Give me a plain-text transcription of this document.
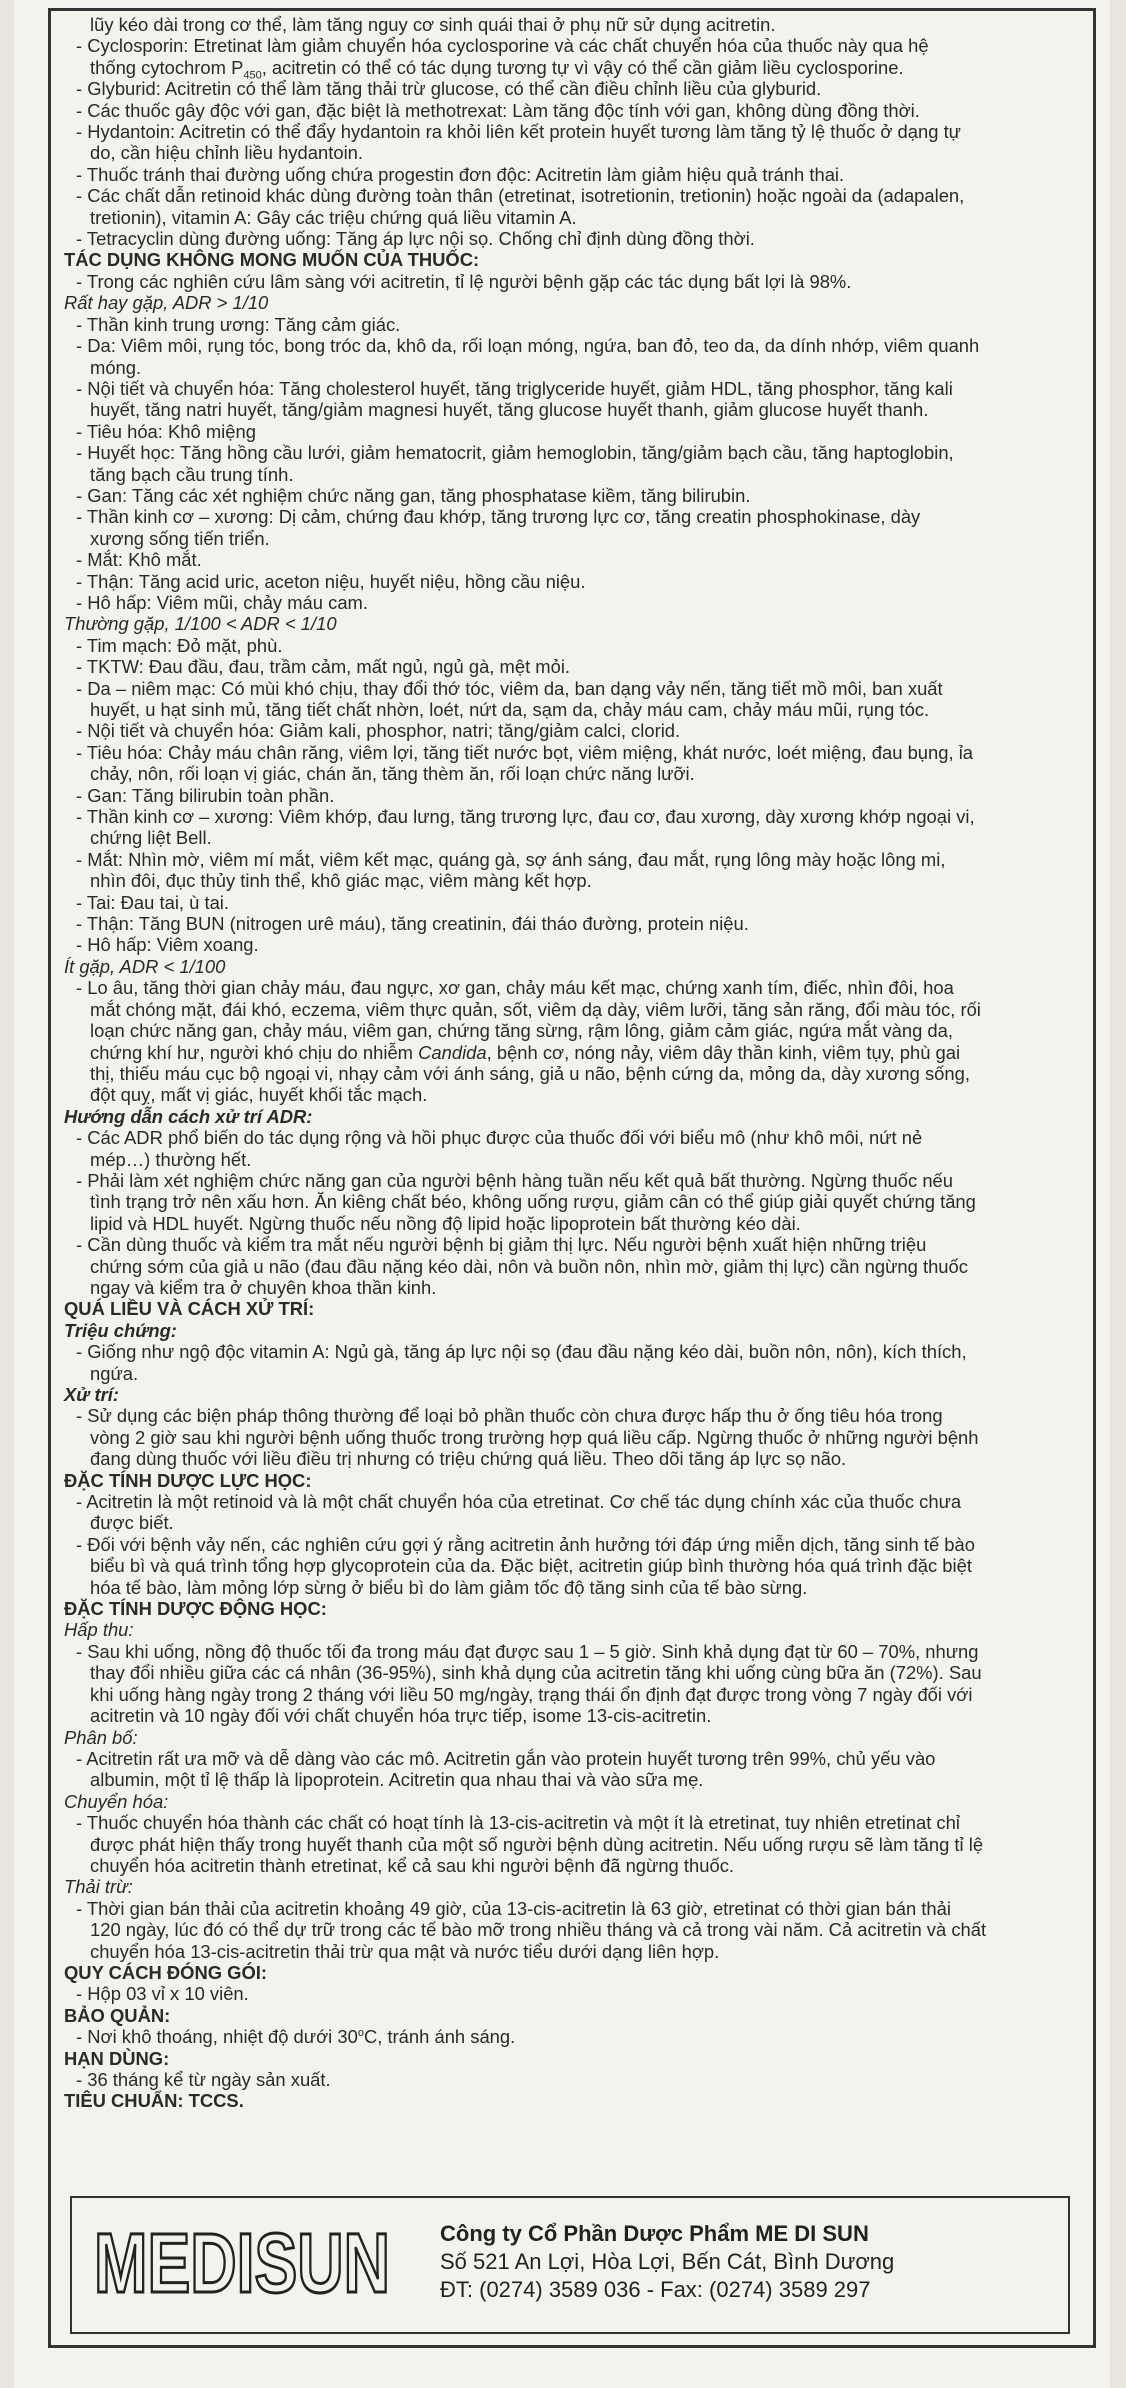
lũy kéo dài trong cơ thể, làm tăng nguy cơ sinh quái thai ở phụ nữ sử dụng acitretin.
- Cyclosporin: Etretinat làm giảm chuyển hóa cyclosporine và các chất chuyển hóa của thuốc này qua hệ
thống cytochrom $P_{450}$, acitretin có thể có tác dụng tương tự vì vậy có thể cần giảm liều cyclosporine.
- Glyburid: Acitretin có thể làm tăng thải trừ glucose, có thể cần điều chỉnh liều của glyburid.
- Các thuốc gây độc với gan, đặc biệt là methotrexat: Làm tăng độc tính với gan, không dùng đồng thời.
- Hydantoin: Acitretin có thể đẩy hydantoin ra khỏi liên kết protein huyết tương làm tăng tỷ lệ thuốc ở dạng tự
do, cần hiệu chỉnh liều hydantoin.
- Thuốc tránh thai đường uống chứa progestin đơn độc: Acitretin làm giảm hiệu quả tránh thai.
- Các chất dẫn retinoid khác dùng đường toàn thân (etretinat, isotretionin, tretionin) hoặc ngoài da (adapalen,
tretionin), vitamin A: Gây các triệu chứng quá liều vitamin A.
- Tetracyclin dùng đường uống: Tăng áp lực nội sọ. Chống chỉ định dùng đồng thời.
TÁC DỤNG KHÔNG MONG MUỐN CỦA THUỐC:
- Trong các nghiên cứu lâm sàng với acitretin, tỉ lệ người bệnh gặp các tác dụng bất lợi là 98%.
Rất hay gặp, ADR > 1/10
- Thần kinh trung ương: Tăng cảm giác.
- Da: Viêm môi, rụng tóc, bong tróc da, khô da, rối loạn móng, ngứa, ban đỏ, teo da, da dính nhớp, viêm quanh
móng.
- Nội tiết và chuyển hóa: Tăng cholesterol huyết, tăng triglyceride huyết, giảm HDL, tăng phosphor, tăng kali
huyết, tăng natri huyết, tăng/giảm magnesi huyết, tăng glucose huyết thanh, giảm glucose huyết thanh.
- Tiêu hóa: Khô miệng
- Huyết học: Tăng hồng cầu lưới, giảm hematocrit, giảm hemoglobin, tăng/giảm bạch cầu, tăng haptoglobin,
tăng bạch cầu trung tính.
- Gan: Tăng các xét nghiệm chức năng gan, tăng phosphatase kiềm, tăng bilirubin.
- Thần kinh cơ – xương: Dị cảm, chứng đau khớp, tăng trương lực cơ, tăng creatin phosphokinase, dày
xương sống tiến triển.
- Mắt: Khô mắt.
- Thận: Tăng acid uric, aceton niệu, huyết niệu, hồng cầu niệu.
- Hô hấp: Viêm mũi, chảy máu cam.
Thường gặp, 1/100 < ADR < 1/10
- Tim mạch: Đỏ mặt, phù.
- TKTW: Đau đầu, đau, trầm cảm, mất ngủ, ngủ gà, mệt mỏi.
- Da – niêm mạc: Có mùi khó chịu, thay đổi thớ tóc, viêm da, ban dạng vảy nến, tăng tiết mồ môi, ban xuất
huyết, u hạt sinh mủ, tăng tiết chất nhờn, loét, nứt da, sạm da, chảy máu cam, chảy máu mũi, rụng tóc.
- Nội tiết và chuyển hóa: Giảm kali, phosphor, natri; tăng/giảm calci, clorid.
- Tiêu hóa: Chảy máu chân răng, viêm lợi, tăng tiết nước bọt, viêm miệng, khát nước, loét miệng, đau bụng, ỉa
chảy, nôn, rối loạn vị giác, chán ăn, tăng thèm ăn, rối loạn chức năng lưỡi.
- Gan: Tăng bilirubin toàn phần.
- Thần kinh cơ – xương: Viêm khớp, đau lưng, tăng trương lực, đau cơ, đau xương, dày xương khớp ngoại vi,
chứng liệt Bell.
- Mắt: Nhìn mờ, viêm mí mắt, viêm kết mạc, quáng gà, sợ ánh sáng, đau mắt, rụng lông mày hoặc lông mi,
nhìn đôi, đục thủy tinh thể, khô giác mạc, viêm màng kết hợp.
- Tai: Đau tai, ù tai.
- Thận: Tăng BUN (nitrogen urê máu), tăng creatinin, đái tháo đường, protein niệu.
- Hô hấp: Viêm xoang.
Ít gặp, ADR < 1/100
- Lo âu, tăng thời gian chảy máu, đau ngực, xơ gan, chảy máu kết mạc, chứng xanh tím, điếc, nhìn đôi, hoa
mắt chóng mặt, đái khó, eczema, viêm thực quản, sốt, viêm dạ dày, viêm lưỡi, tăng sản răng, đổi màu tóc, rối
loạn chức năng gan, chảy máu, viêm gan, chứng tăng sừng, rậm lông, giảm cảm giác, ngứa mắt vàng da,
chứng khí hư, người khó chịu do nhiễm Candida, bệnh cơ, nóng nảy, viêm dây thần kinh, viêm tụy, phù gai
thị, thiếu máu cục bộ ngoại vi, nhạy cảm với ánh sáng, giả u não, bệnh cứng da, mỏng da, dày xương sống,
đột quỵ, mất vị giác, huyết khối tắc mạch.
Hướng dẫn cách xử trí ADR:
- Các ADR phổ biến do tác dụng rộng và hồi phục được của thuốc đối với biểu mô (như khô môi, nứt nẻ
mép…) thường hết.
- Phải làm xét nghiệm chức năng gan của người bệnh hàng tuần nếu kết quả bất thường. Ngừng thuốc nếu
tình trạng trở nên xấu hơn. Ăn kiêng chất béo, không uống rượu, giảm cân có thể giúp giải quyết chứng tăng
lipid và HDL huyết. Ngừng thuốc nếu nồng độ lipid hoặc lipoprotein bất thường kéo dài.
- Cần dùng thuốc và kiểm tra mắt nếu người bệnh bị giảm thị lực. Nếu người bệnh xuất hiện những triệu
chứng sớm của giả u não (đau đầu nặng kéo dài, nôn và buồn nôn, nhìn mờ, giảm thị lực) cần ngừng thuốc
ngay và kiểm tra ở chuyên khoa thần kinh.
QUÁ LIỀU VÀ CÁCH XỬ TRÍ:
Triệu chứng:
- Giống như ngộ độc vitamin A: Ngủ gà, tăng áp lực nội sọ (đau đầu nặng kéo dài, buồn nôn, nôn), kích thích,
ngứa.
Xử trí:
- Sử dụng các biện pháp thông thường để loại bỏ phần thuốc còn chưa được hấp thu ở ống tiêu hóa trong
vòng 2 giờ sau khi người bệnh uống thuốc trong trường hợp quá liều cấp. Ngừng thuốc ở những người bệnh
đang dùng thuốc với liều điều trị nhưng có triệu chứng quá liều. Theo dõi tăng áp lực sọ não.
ĐẶC TÍNH DƯỢC LỰC HỌC:
- Acitretin là một retinoid và là một chất chuyển hóa của etretinat. Cơ chế tác dụng chính xác của thuốc chưa
được biết.
- Đối với bệnh vảy nến, các nghiên cứu gợi ý rằng acitretin ảnh hưởng tới đáp ứng miễn dịch, tăng sinh tế bào
biểu bì và quá trình tổng hợp glycoprotein của da. Đặc biệt, acitretin giúp bình thường hóa quá trình đặc biệt
hóa tế bào, làm mỏng lớp sừng ở biểu bì do làm giảm tốc độ tăng sinh của tế bào sừng.
ĐẶC TÍNH DƯỢC ĐỘNG HỌC:
Hấp thu:
- Sau khi uống, nồng độ thuốc tối đa trong máu đạt được sau 1 – 5 giờ. Sinh khả dụng đạt từ 60 – 70%, nhưng
thay đổi nhiều giữa các cá nhân (36-95%), sinh khả dụng của acitretin tăng khi uống cùng bữa ăn (72%). Sau
khi uống hàng ngày trong 2 tháng với liều 50 mg/ngày, trạng thái ổn định đạt được trong vòng 7 ngày đối với
acitretin và 10 ngày đối với chất chuyển hóa trực tiếp, isome 13-cis-acitretin.
Phân bố:
- Acitretin rất ưa mỡ và dễ dàng vào các mô. Acitretin gắn vào protein huyết tương trên 99%, chủ yếu vào
albumin, một tỉ lệ thấp là lipoprotein. Acitretin qua nhau thai và vào sữa mẹ.
Chuyển hóa:
- Thuốc chuyển hóa thành các chất có hoạt tính là 13-cis-acitretin và một ít là etretinat, tuy nhiên etretinat chỉ
được phát hiện thấy trong huyết thanh của một số người bệnh dùng acitretin. Nếu uống rượu sẽ làm tăng tỉ lệ
chuyển hóa acitretin thành etretinat, kể cả sau khi người bệnh đã ngừng thuốc.
Thải trừ:
- Thời gian bán thải của acitretin khoảng 49 giờ, của 13-cis-acitretin là 63 giờ, etretinat có thời gian bán thải
120 ngày, lúc đó có thể dự trữ trong các tế bào mỡ trong nhiều tháng và cả trong vài năm. Cả acitretin và chất
chuyển hóa 13-cis-acitretin thải trừ qua mật và nước tiểu dưới dạng liên hợp.
QUY CÁCH ĐÓNG GÓI:
- Hộp 03 vỉ x 10 viên.
BẢO QUẢN:
- Nơi khô thoáng, nhiệt độ dưới 30$^o$C, tránh ánh sáng.
HẠN DÙNG:
- 36 tháng kể từ ngày sản xuất.
TIÊU CHUẨN: TCCS.
MEDISUN Công ty Cổ Phần Dược Phẩm ME DI SUN
Số 521 An Lợi, Hòa Lợi, Bến Cát, Bình Dương
ĐT: (0274) 3589 036 - Fax: (0274) 3589 297
